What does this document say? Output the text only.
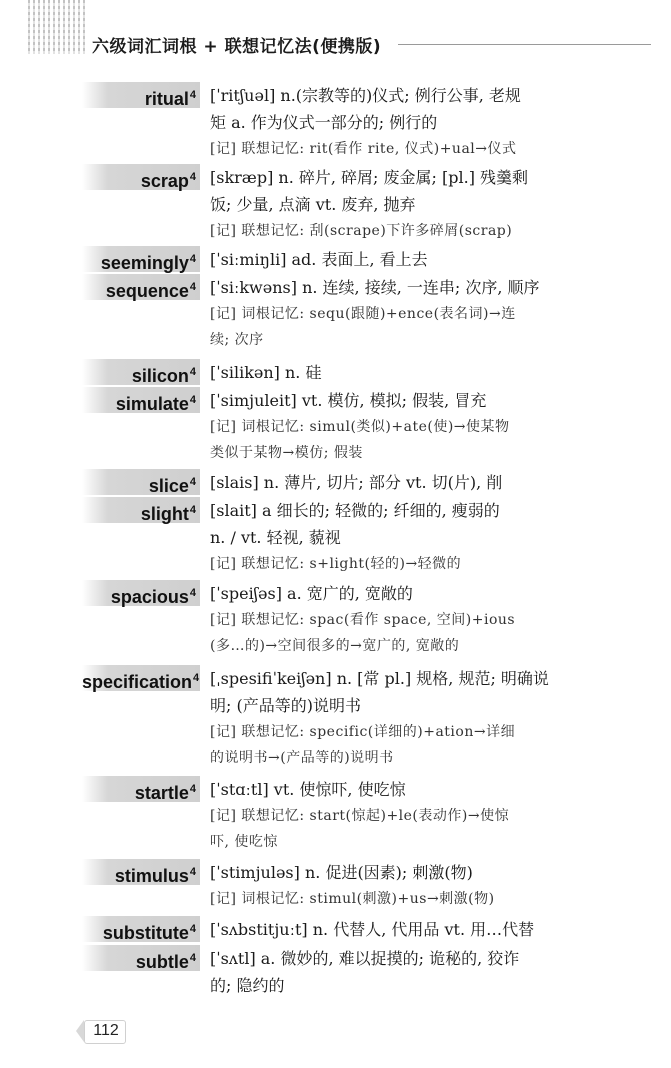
六级词汇词根 + 联想记忆法(便携版)
ritual$^4$ [ˈritʃuəl] n.(宗教等的)仪式; 例行公事, 老规
矩 a. 作为仪式一部分的; 例行的

[记] 联想记忆: rit(看作 rite, 仪式)+ual→仪式

scrap$^4$ [skræp] n. 碎片, 碎屑; 废金属; [pl.] 残羹剩
饭; 少量, 点滴 vt. 废弃, 抛弃

[记] 联想记忆: 刮(scrape)下许多碎屑(scrap)

seemingly$^4$ [ˈsiːmiŋli] ad. 表面上, 看上去

sequence$^4$ [ˈsiːkwəns] n. 连续, 接续, 一连串; 次序, 顺序

[记] 词根记忆: sequ(跟随)+ence(表名词)→连
续; 次序

silicon$^4$ [ˈsilikən] n. 硅

simulate$^4$ [ˈsimjuleit] vt. 模仿, 模拟; 假装, 冒充

[记] 词根记忆: simul(类似)+ate(使)→使某物
类似于某物→模仿; 假装

slice$^4$ [slais] n. 薄片, 切片; 部分 vt. 切(片), 削

slight$^4$ [slait] a 细长的; 轻微的; 纤细的, 瘦弱的
n. / vt. 轻视, 藐视

[记] 联想记忆: s+light(轻的)→轻微的

spacious$^4$ [ˈspeiʃəs] a. 宽广的, 宽敞的

[记] 联想记忆: spac(看作 space, 空间)+ious
(多…的)→空间很多的→宽广的, 宽敞的

specification$^4$ [ˌspesifiˈkeiʃən] n. [常 pl.] 规格, 规范; 明确说
明; (产品等的)说明书

[记] 联想记忆: specific(详细的)+ation→详细
的说明书→(产品等的)说明书

startle$^4$ [ˈstɑːtl] vt. 使惊吓, 使吃惊

[记] 联想记忆: start(惊起)+le(表动作)→使惊
吓, 使吃惊

stimulus$^4$ [ˈstimjuləs] n. 促进(因素); 刺激(物)

[记] 词根记忆: stimul(刺激)+us→刺激(物)

substitute$^4$ [ˈsʌbstitjuːt] n. 代替人, 代用品 vt. 用…代替

subtle$^4$ [ˈsʌtl] a. 微妙的, 难以捉摸的; 诡秘的, 狡诈
的; 隐约的

112
